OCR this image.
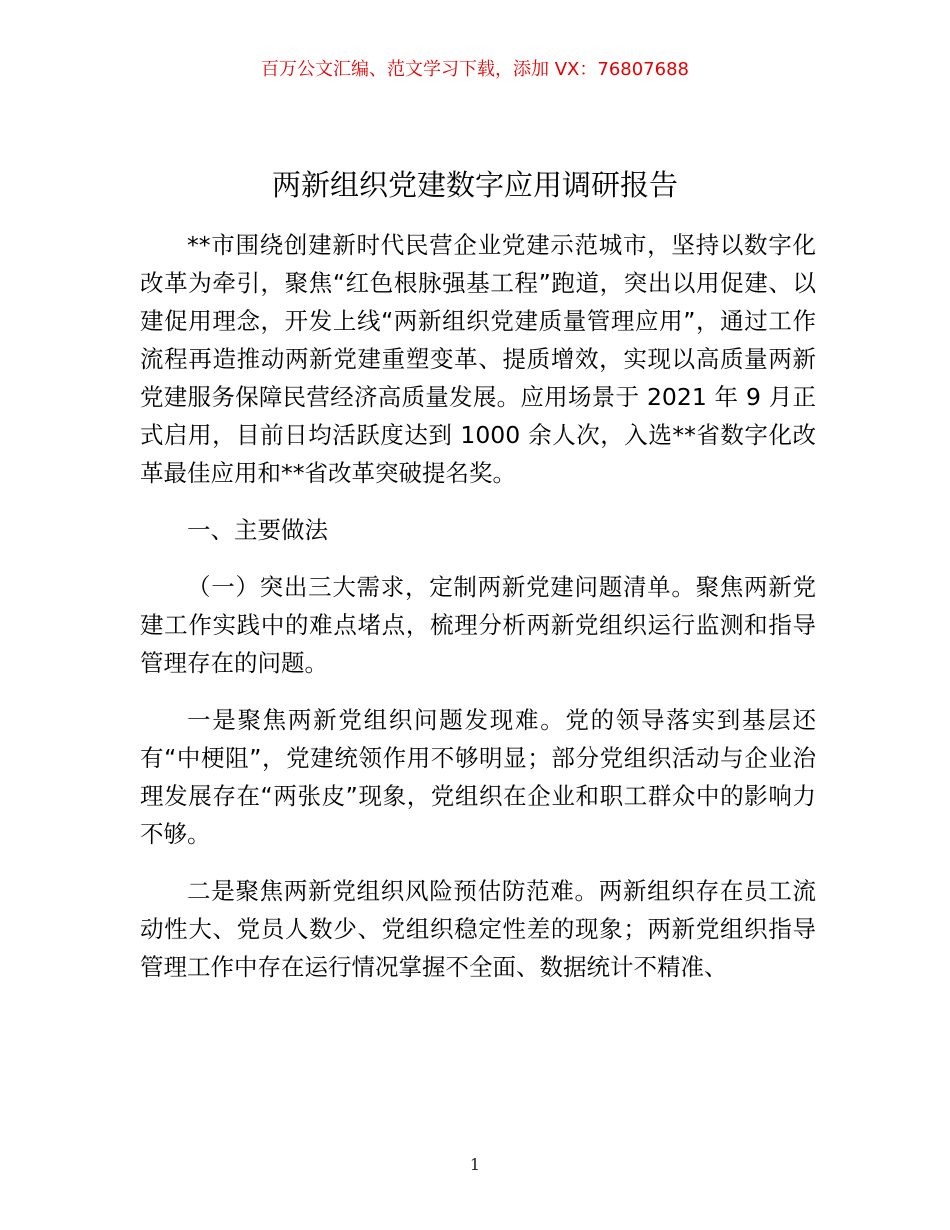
百万公文汇编、范文学习下载，添加 VX：76807688
两新组织党建数字应用调研报告

**市围绕创建新时代民营企业党建示范城市，坚持以数字化改革为牵引，聚焦“红色根脉强基工程”跑道，突出以用促建、以建促用理念，开发上线“两新组织党建质量管理应用”，通过工作流程再造推动两新党建重塑变革、提质增效，实现以高质量两新党建服务保障民营经济高质量发展。应用场景于 2021 年 9 月正式启用，目前日均活跃度达到 1000 余人次，入选**省数字化改革最佳应用和**省改革突破提名奖。

一、主要做法

（一）突出三大需求，定制两新党建问题清单。聚焦两新党建工作实践中的难点堵点，梳理分析两新党组织运行监测和指导管理存在的问题。

一是聚焦两新党组织问题发现难。党的领导落实到基层还有“中梗阻”，党建统领作用不够明显；部分党组织活动与企业治理发展存在“两张皮”现象，党组织在企业和职工群众中的影响力不够。

二是聚焦两新党组织风险预估防范难。两新组织存在员工流动性大、党员人数少、党组织稳定性差的现象；两新党组织指导管理工作中存在运行情况掌握不全面、数据统计不精准、

1
